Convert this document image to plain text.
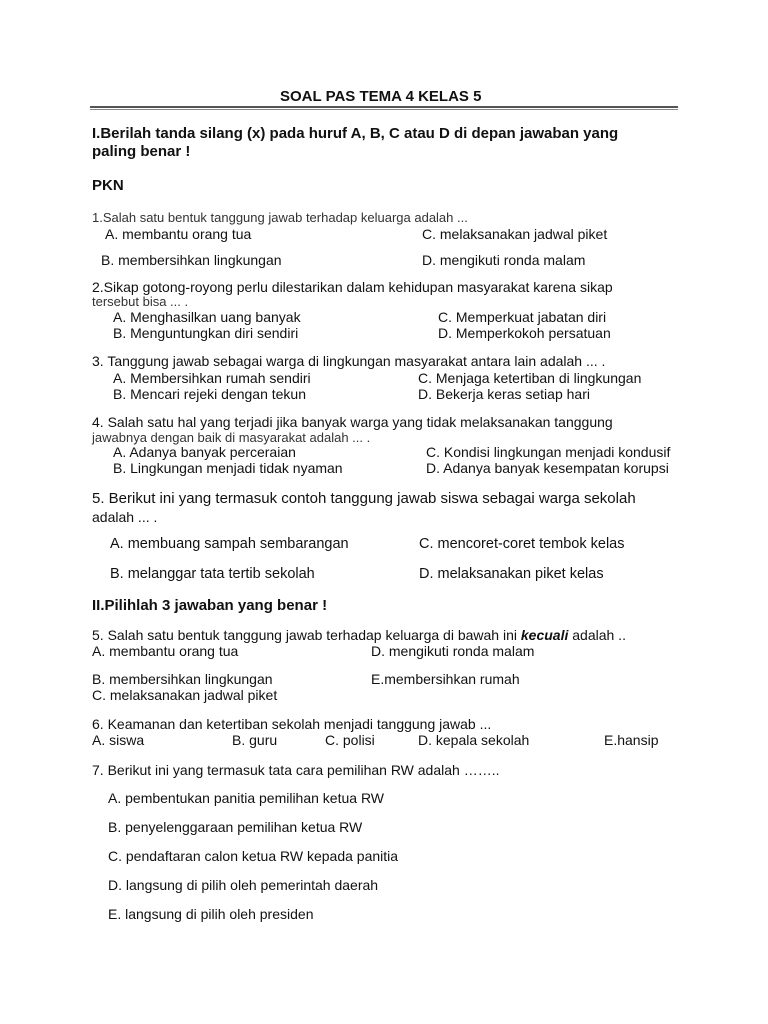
SOAL PAS TEMA 4 KELAS 5
I.Berilah tanda silang (x) pada huruf A, B, C atau D di depan jawaban yang
paling benar !
PKN
1.Salah satu bentuk tanggung jawab terhadap keluarga adalah ...
A. membantu orang tua	C. melaksanakan jadwal piket
B. membersihkan lingkungan	D. mengikuti ronda malam
2.Sikap gotong-royong perlu dilestarikan dalam kehidupan masyarakat karena sikap
tersebut bisa ... .
A. Menghasilkan uang banyak	C. Memperkuat jabatan diri
B. Menguntungkan diri sendiri	D. Memperkokoh persatuan
3. Tanggung jawab sebagai warga di lingkungan masyarakat antara lain adalah ... .
A. Membersihkan rumah sendiri	C. Menjaga ketertiban di lingkungan
B. Mencari rejeki dengan tekun	D. Bekerja keras setiap hari
4. Salah satu hal yang terjadi jika banyak warga yang tidak melaksanakan tanggung
jawabnya dengan baik di masyarakat adalah ... .
A. Adanya banyak perceraian	C. Kondisi lingkungan menjadi kondusif
B. Lingkungan menjadi tidak nyaman	D. Adanya banyak kesempatan korupsi
5. Berikut ini yang termasuk contoh tanggung jawab siswa sebagai warga sekolah
adalah ... .
A. membuang sampah sembarangan	C. mencoret-coret tembok kelas
B. melanggar tata tertib sekolah	D. melaksanakan piket kelas
II.Pilihlah 3 jawaban yang benar !
5. Salah satu bentuk tanggung jawab terhadap keluarga di bawah ini kecuali adalah ..
A. membantu orang tua	D. mengikuti ronda malam
B. membersihkan lingkungan	E.membersihkan rumah
C. melaksanakan jadwal piket
6. Keamanan dan ketertiban sekolah menjadi tanggung jawab ...
A. siswa	B. guru	C. polisi	D. kepala sekolah	E.hansip
7. Berikut ini yang termasuk tata cara pemilihan RW adalah ……..
A. pembentukan panitia pemilihan ketua RW
B. penyelenggaraan pemilihan ketua RW
C. pendaftaran calon ketua RW kepada panitia
D. langsung di pilih oleh pemerintah daerah
E. langsung di pilih oleh presiden
